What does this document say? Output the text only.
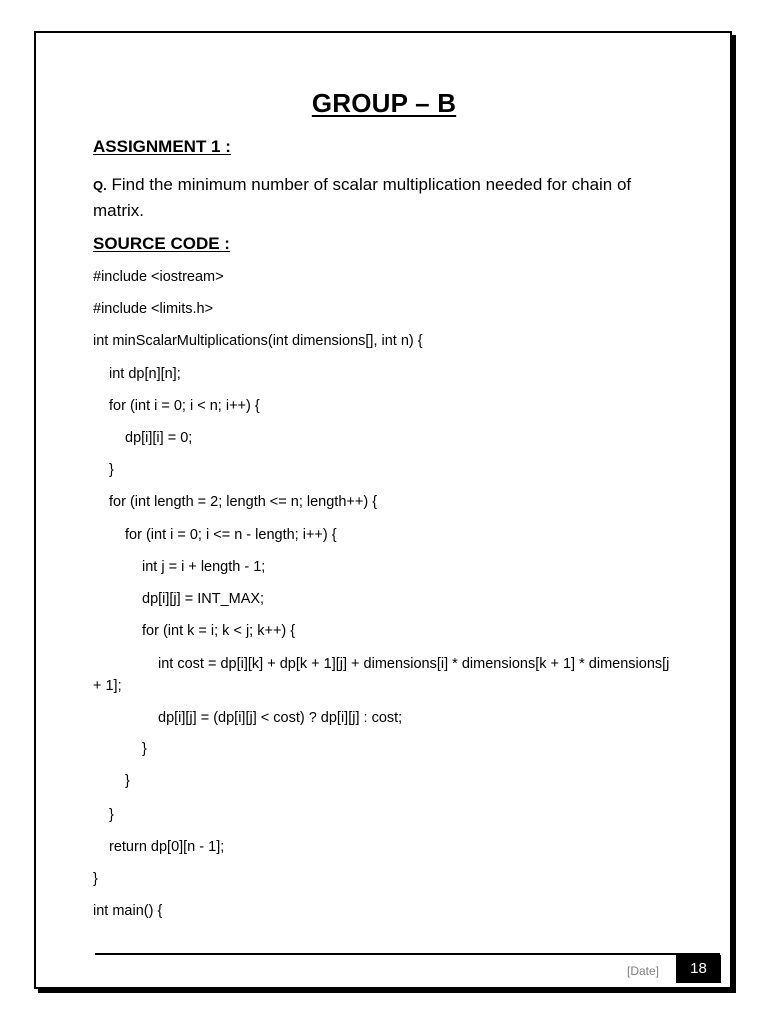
GROUP – B
ASSIGNMENT 1 :
Q. Find the minimum number of scalar multiplication needed for chain of matrix.
SOURCE CODE :
#include <iostream>
#include <limits.h>
int minScalarMultiplications(int dimensions[], int n) {
int dp[n][n];
for (int i = 0; i < n; i++) {
dp[i][i] = 0;
}
for (int length = 2; length <= n; length++) {
for (int i = 0; i <= n - length; i++) {
int j = i + length - 1;
dp[i][j] = INT_MAX;
for (int k = i; k < j; k++) {
int cost = dp[i][k] + dp[k + 1][j] + dimensions[i] * dimensions[k + 1] * dimensions[j + 1];
dp[i][j] = (dp[i][j] < cost) ? dp[i][j] : cost;
}
}
}
return dp[0][n - 1];
}
int main() {
[Date]	18
